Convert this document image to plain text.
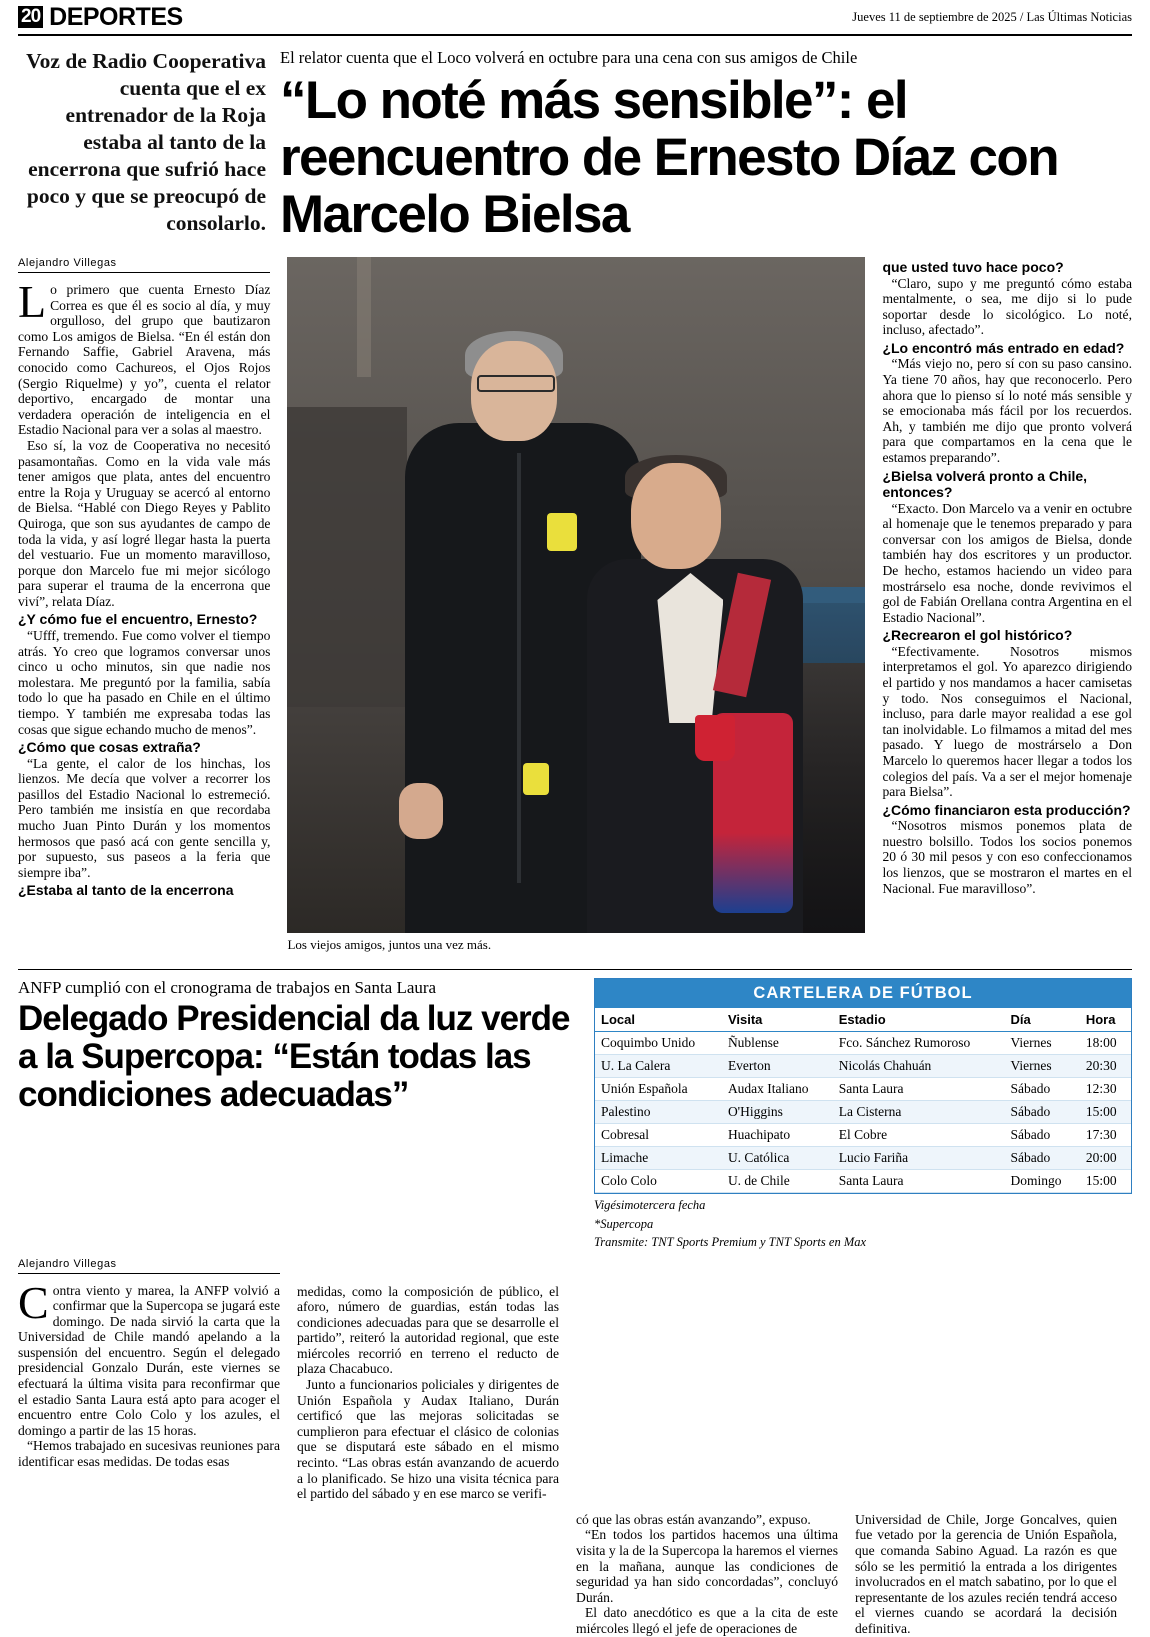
20 DEPORTES	Jueves 11 de septiembre de 2025 / Las Últimas Noticias
Voz de Radio Cooperativa cuenta que el ex entrenador de la Roja estaba al tanto de la encerrona que sufrió hace poco y que se preocupó de consolarlo.
El relator cuenta que el Loco volverá en octubre para una cena con sus amigos de Chile
“Lo noté más sensible”: el reencuentro de Ernesto Díaz con Marcelo Bielsa
Alejandro Villegas

Lo primero que cuenta Ernesto Díaz Correa es que él es socio al día, y muy orgulloso, del grupo que bautizaron como Los amigos de Bielsa. “En él están don Fernando Saffie, Gabriel Aravena, más conocido como Cachureos, el Ojos Rojos (Sergio Riquelme) y yo”, cuenta el relator deportivo, encargado de montar una verdadera operación de inteligencia en el Estadio Nacional para ver a solas al maestro.

Eso sí, la voz de Cooperativa no necesitó pasamontañas. Como en la vida vale más tener amigos que plata, antes del encuentro entre la Roja y Uruguay se acercó al entorno de Bielsa. “Hablé con Diego Reyes y Pablito Quiroga, que son sus ayudantes de campo de toda la vida, y así logré llegar hasta la puerta del vestuario. Fue un momento maravilloso, porque don Marcelo fue mi mejor sicólogo para superar el trauma de la encerrona que viví”, relata Díaz.

¿Y cómo fue el encuentro, Ernesto?

“Ufff, tremendo. Fue como volver el tiempo atrás. Yo creo que logramos conversar unos cinco u ocho minutos, sin que nadie nos molestara. Me preguntó por la familia, sabía todo lo que ha pasado en Chile en el último tiempo. Y también me expresaba todas las cosas que sigue echando mucho de menos”.

¿Cómo que cosas extraña?

“La gente, el calor de los hinchas, los lienzos. Me decía que volver a recorrer los pasillos del Estadio Nacional lo estremeció. Pero también me insistía en que recordaba mucho Juan Pinto Durán y los momentos hermosos que pasó acá con gente sencilla y, por supuesto, sus paseos a la feria que siempre iba”.

¿Estaba al tanto de la encerrona	CEDIDA
Los viejos amigos, juntos una vez más.

que usted tuvo hace poco?

“Claro, supo y me preguntó cómo estaba mentalmente, o sea, me dijo si lo pude soportar desde lo sicológico. Lo noté, incluso, afectado”.

¿Lo encontró más entrado en edad?

“Más viejo no, pero sí con su paso cansino. Ya tiene 70 años, hay que reconocerlo. Pero ahora que lo pienso sí lo noté más sensible y se emocionaba más fácil por los recuerdos. Ah, y también me dijo que pronto volverá para que compartamos en la cena que le estamos preparando”.

¿Bielsa volverá pronto a Chile, entonces?

“Exacto. Don Marcelo va a venir en octubre al homenaje que le tenemos preparado y para conversar con los amigos de Bielsa, donde también hay dos escritores y un productor. De hecho, estamos haciendo un video para mostrárselo esa noche, donde revivimos el gol de Fabián Orellana contra Argentina en el Estadio Nacional”.

¿Recrearon el gol histórico?

“Efectivamente. Nosotros mismos interpretamos el gol. Yo aparezco dirigiendo el partido y nos mandamos a hacer camisetas y todo. Nos conseguimos el Nacional, incluso, para darle mayor realidad a ese gol tan inolvidable. Lo filmamos a mitad del mes pasado. Y luego de mostrárselo a Don Marcelo lo queremos hacer llegar a todos los colegios del país. Va a ser el mejor homenaje para Bielsa”.

¿Cómo financiaron esta producción?

“Nosotros mismos ponemos plata de nuestro bolsillo. Todos los socios ponemos 20 ó 30 mil pesos y con eso confeccionamos los lienzos, que se mostraron el martes en el Nacional. Fue maravilloso”.

ANFP cumplió con el cronograma de trabajos en Santa Laura
Delegado Presidencial da luz verde a la Supercopa: “Están todas las condiciones adecuadas”
CARTELERA DE FÚTBOL
Local	Visita	Estadio	Día	Hora
Coquimbo Unido	Ñublense	Fco. Sánchez Rumoroso	Viernes	18:00
U. La Calera	Everton	Nicolás Chahuán	Viernes	20:30
Unión Española	Audax Italiano	Santa Laura	Sábado	12:30
Palestino	O'Higgins	La Cisterna	Sábado	15:00
Cobresal	Huachipato	El Cobre	Sábado	17:30
Limache	U. Católica	Lucio Fariña	Sábado	20:00
Colo Colo	U. de Chile	Santa Laura	Domingo	15:00
Vigésimotercera fecha
*Supercopa
Transmite: TNT Sports Premium y TNT Sports en Max
Alejandro Villegas

Contra viento y marea, la ANFP volvió a confirmar que la Supercopa se jugará este domingo. De nada sirvió la carta que la Universidad de Chile mandó apelando a la suspensión del encuentro. Según el delegado presidencial Gonzalo Durán, este viernes se efectuará la última visita para reconfirmar que el estadio Santa Laura está apto para acoger el encuentro entre Colo Colo y los azules, el domingo a partir de las 15 horas.

“Hemos trabajado en sucesivas reuniones para identificar esas medidas. De todas esas

medidas, como la composición de público, el aforo, número de guardias, están todas las condiciones adecuadas para que se desarrolle el partido”, reiteró la autoridad regional, que este miércoles recorrió en terreno el reducto de plaza Chacabuco.

Junto a funcionarios policiales y dirigentes de Unión Española y Audax Italiano, Durán certificó que las mejoras solicitadas se cumplieron para efectuar el clásico de colonias que se disputará este sábado en el mismo recinto. “Las obras están avanzando de acuerdo a lo planificado. Se hizo una visita técnica para el partido del sábado y en ese marco se verifi-

có que las obras están avanzando”, expuso.

“En todos los partidos hacemos una última visita y la de la Supercopa la haremos el viernes en la mañana, aunque las condiciones de seguridad ya han sido concordadas”, concluyó Durán.

El dato anecdótico es que a la cita de este miércoles llegó el jefe de operaciones de

Universidad de Chile, Jorge Goncalves, quien fue vetado por la gerencia de Unión Española, que comanda Sabino Aguad. La razón es que sólo se les permitió la entrada a los dirigentes involucrados en el match sabatino, por lo que el representante de los azules recién tendrá acceso el viernes cuando se acordará la decisión definitiva.
